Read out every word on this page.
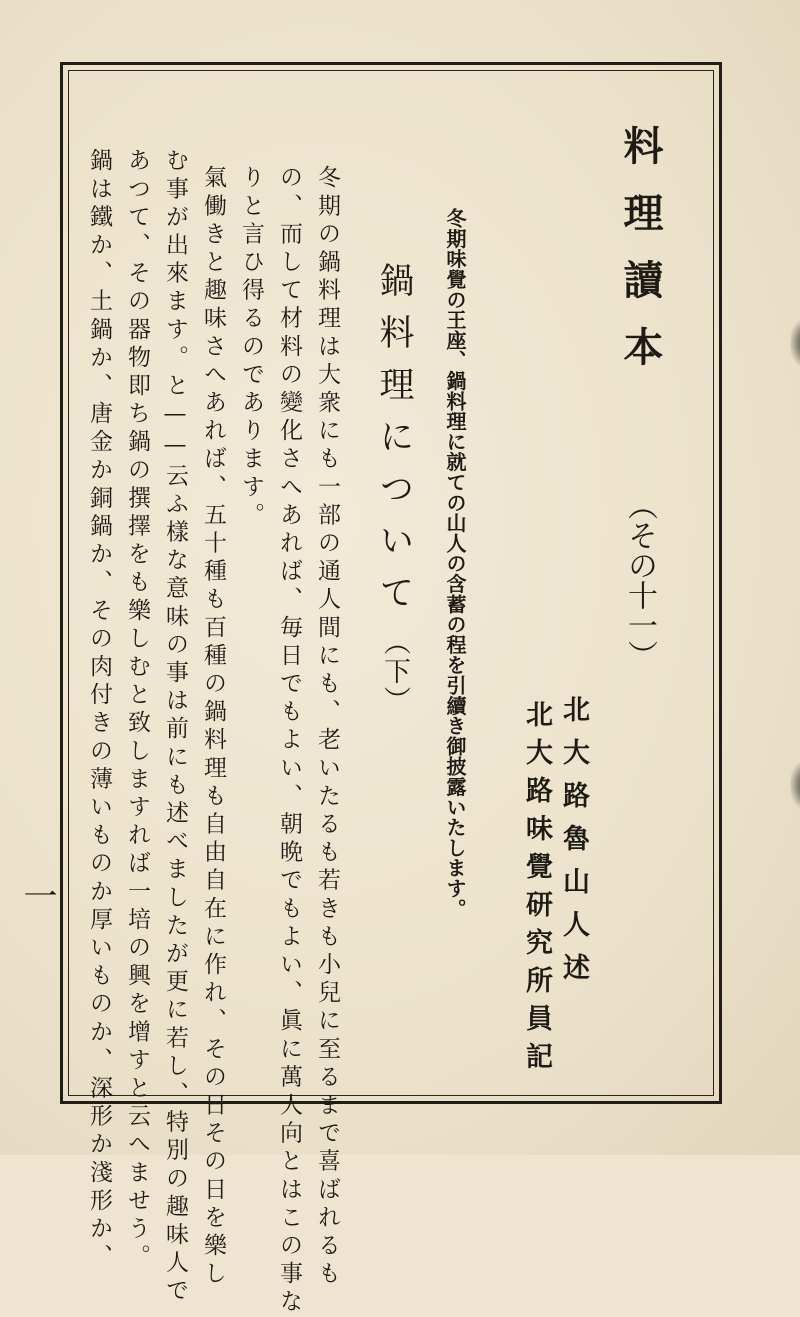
料理讀本
（その十一）
北大路魯山人述
北大路味覺研究所員記
冬期味覺の王座、鍋料理に就ての山人の含蓄の程を引續き御披露いたします。
鍋料理について
（下）
冬期の鍋料理は大衆にも一部の通人間にも、老いたるも若きも小兒に至るまで喜ばれるも
の、而して材料の變化さへあれば、毎日でもよい、朝晩でもよい、眞に萬人向とはこの事な
りと言ひ得るのであります。
氣働きと趣味さへあれば、五十種も百種の鍋料理も自由自在に作れ、その日その日を樂し
む事が出來ます。と——云ふ樣な意味の事は前にも述べましたが更に若し、特別の趣味人で
あつて、その器物即ち鍋の撰擇をも樂しむと致しますれば一培の興を增すと云へませう。
鍋は鐵か、土鍋か、唐金か銅鍋か、その肉付きの薄いものか厚いものか、深形か淺形か、
一
